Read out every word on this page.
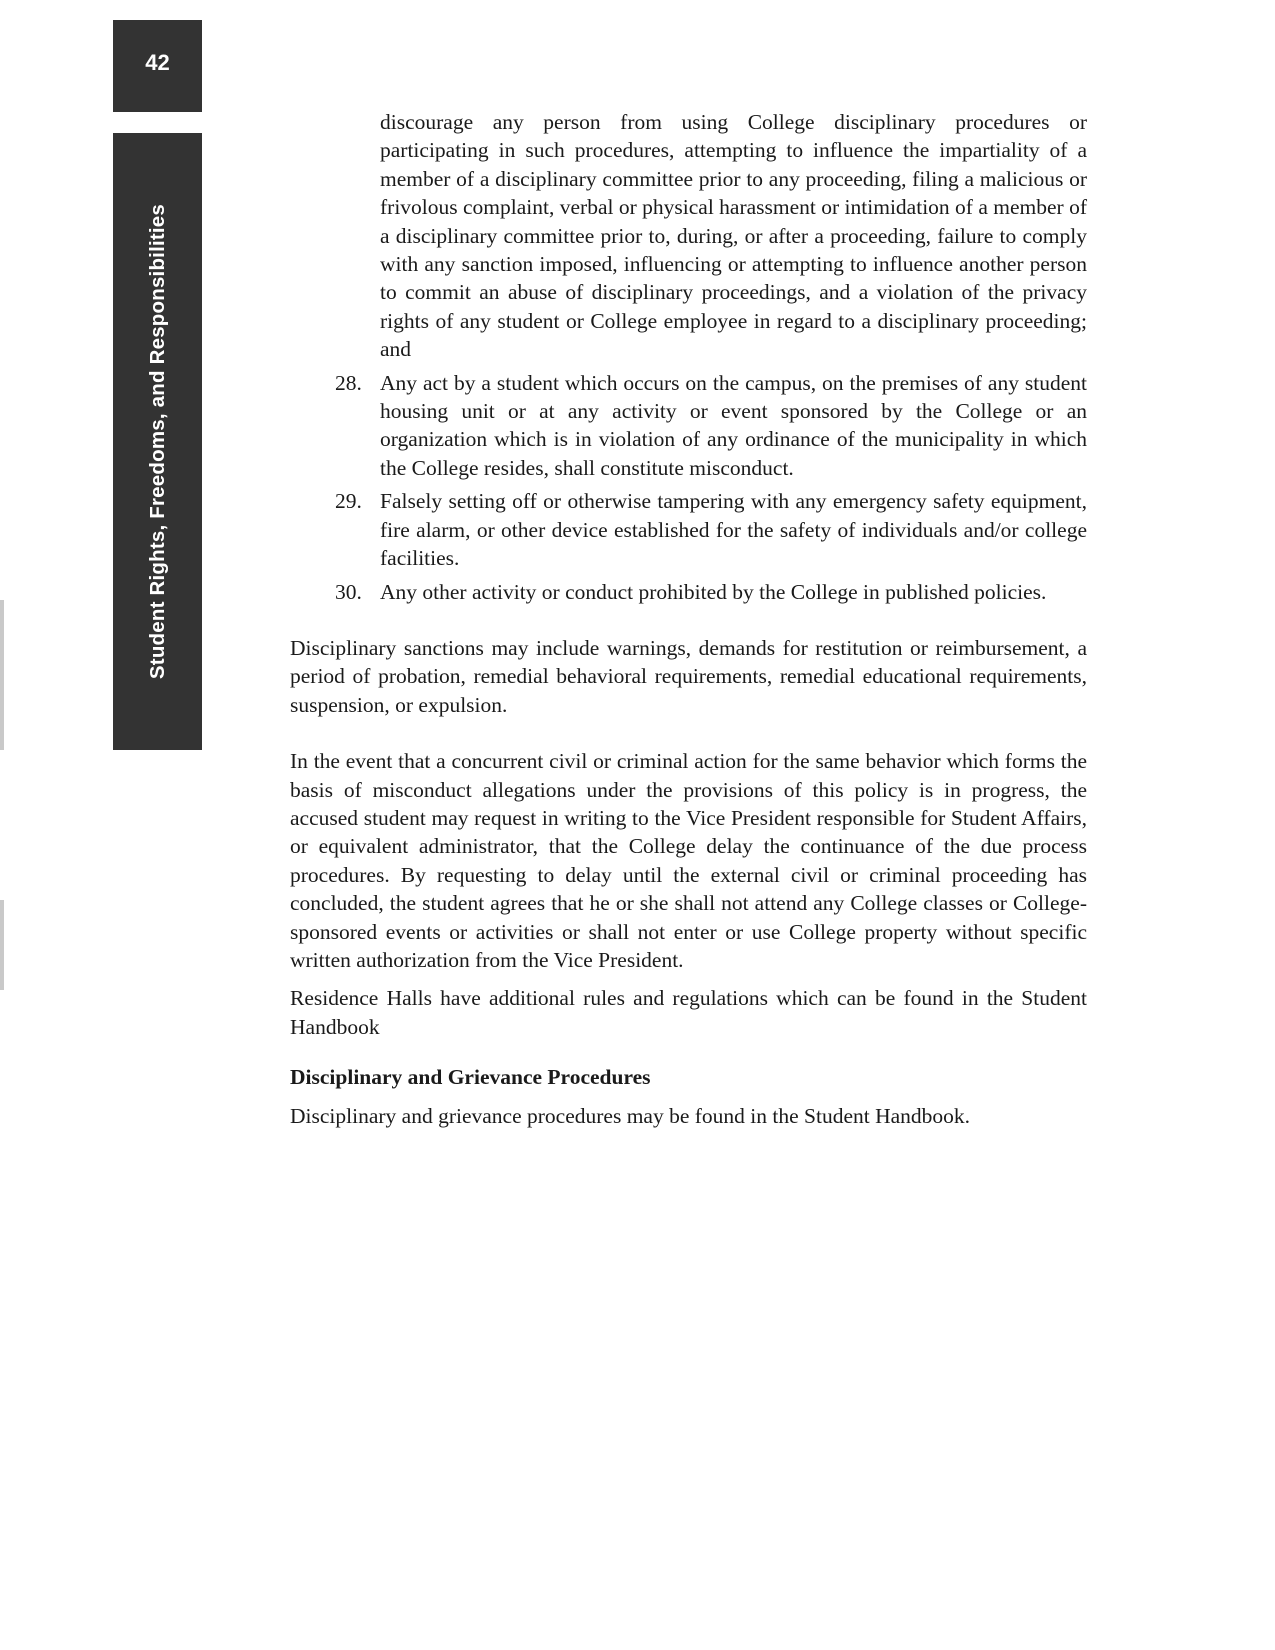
42
Student Rights, Freedoms, and Responsibilities

discourage any person from using College disciplinary procedures or participating in such procedures, attempting to influence the impartiality of a member of a disciplinary committee prior to any proceeding, filing a malicious or frivolous complaint, verbal or physical harassment or intimidation of a member of a disciplinary committee prior to, during, or after a proceeding, failure to comply with any sanction imposed, influencing or attempting to influence another person to commit an abuse of disciplinary proceedings, and a violation of the privacy rights of any student or College employee in regard to a disciplinary proceeding; and

28. Any act by a student which occurs on the campus, on the premises of any student housing unit or at any activity or event sponsored by the College or an organization which is in violation of any ordinance of the municipality in which the College resides, shall constitute misconduct.
29. Falsely setting off or otherwise tampering with any emergency safety equipment, fire alarm, or other device established for the safety of individuals and/or college facilities.
30. Any other activity or conduct prohibited by the College in published policies.

Disciplinary sanctions may include warnings, demands for restitution or reimbursement, a period of probation, remedial behavioral requirements, remedial educational requirements, suspension, or expulsion.

In the event that a concurrent civil or criminal action for the same behavior which forms the basis of misconduct allegations under the provisions of this policy is in progress, the accused student may request in writing to the Vice President responsible for Student Affairs, or equivalent administrator, that the College delay the continuance of the due process procedures. By requesting to delay until the external civil or criminal proceeding has concluded, the student agrees that he or she shall not attend any College classes or College-sponsored events or activities or shall not enter or use College property without specific written authorization from the Vice President.

Residence Halls have additional rules and regulations which can be found in the Student Handbook

Disciplinary and Grievance Procedures

Disciplinary and grievance procedures may be found in the Student Handbook.
